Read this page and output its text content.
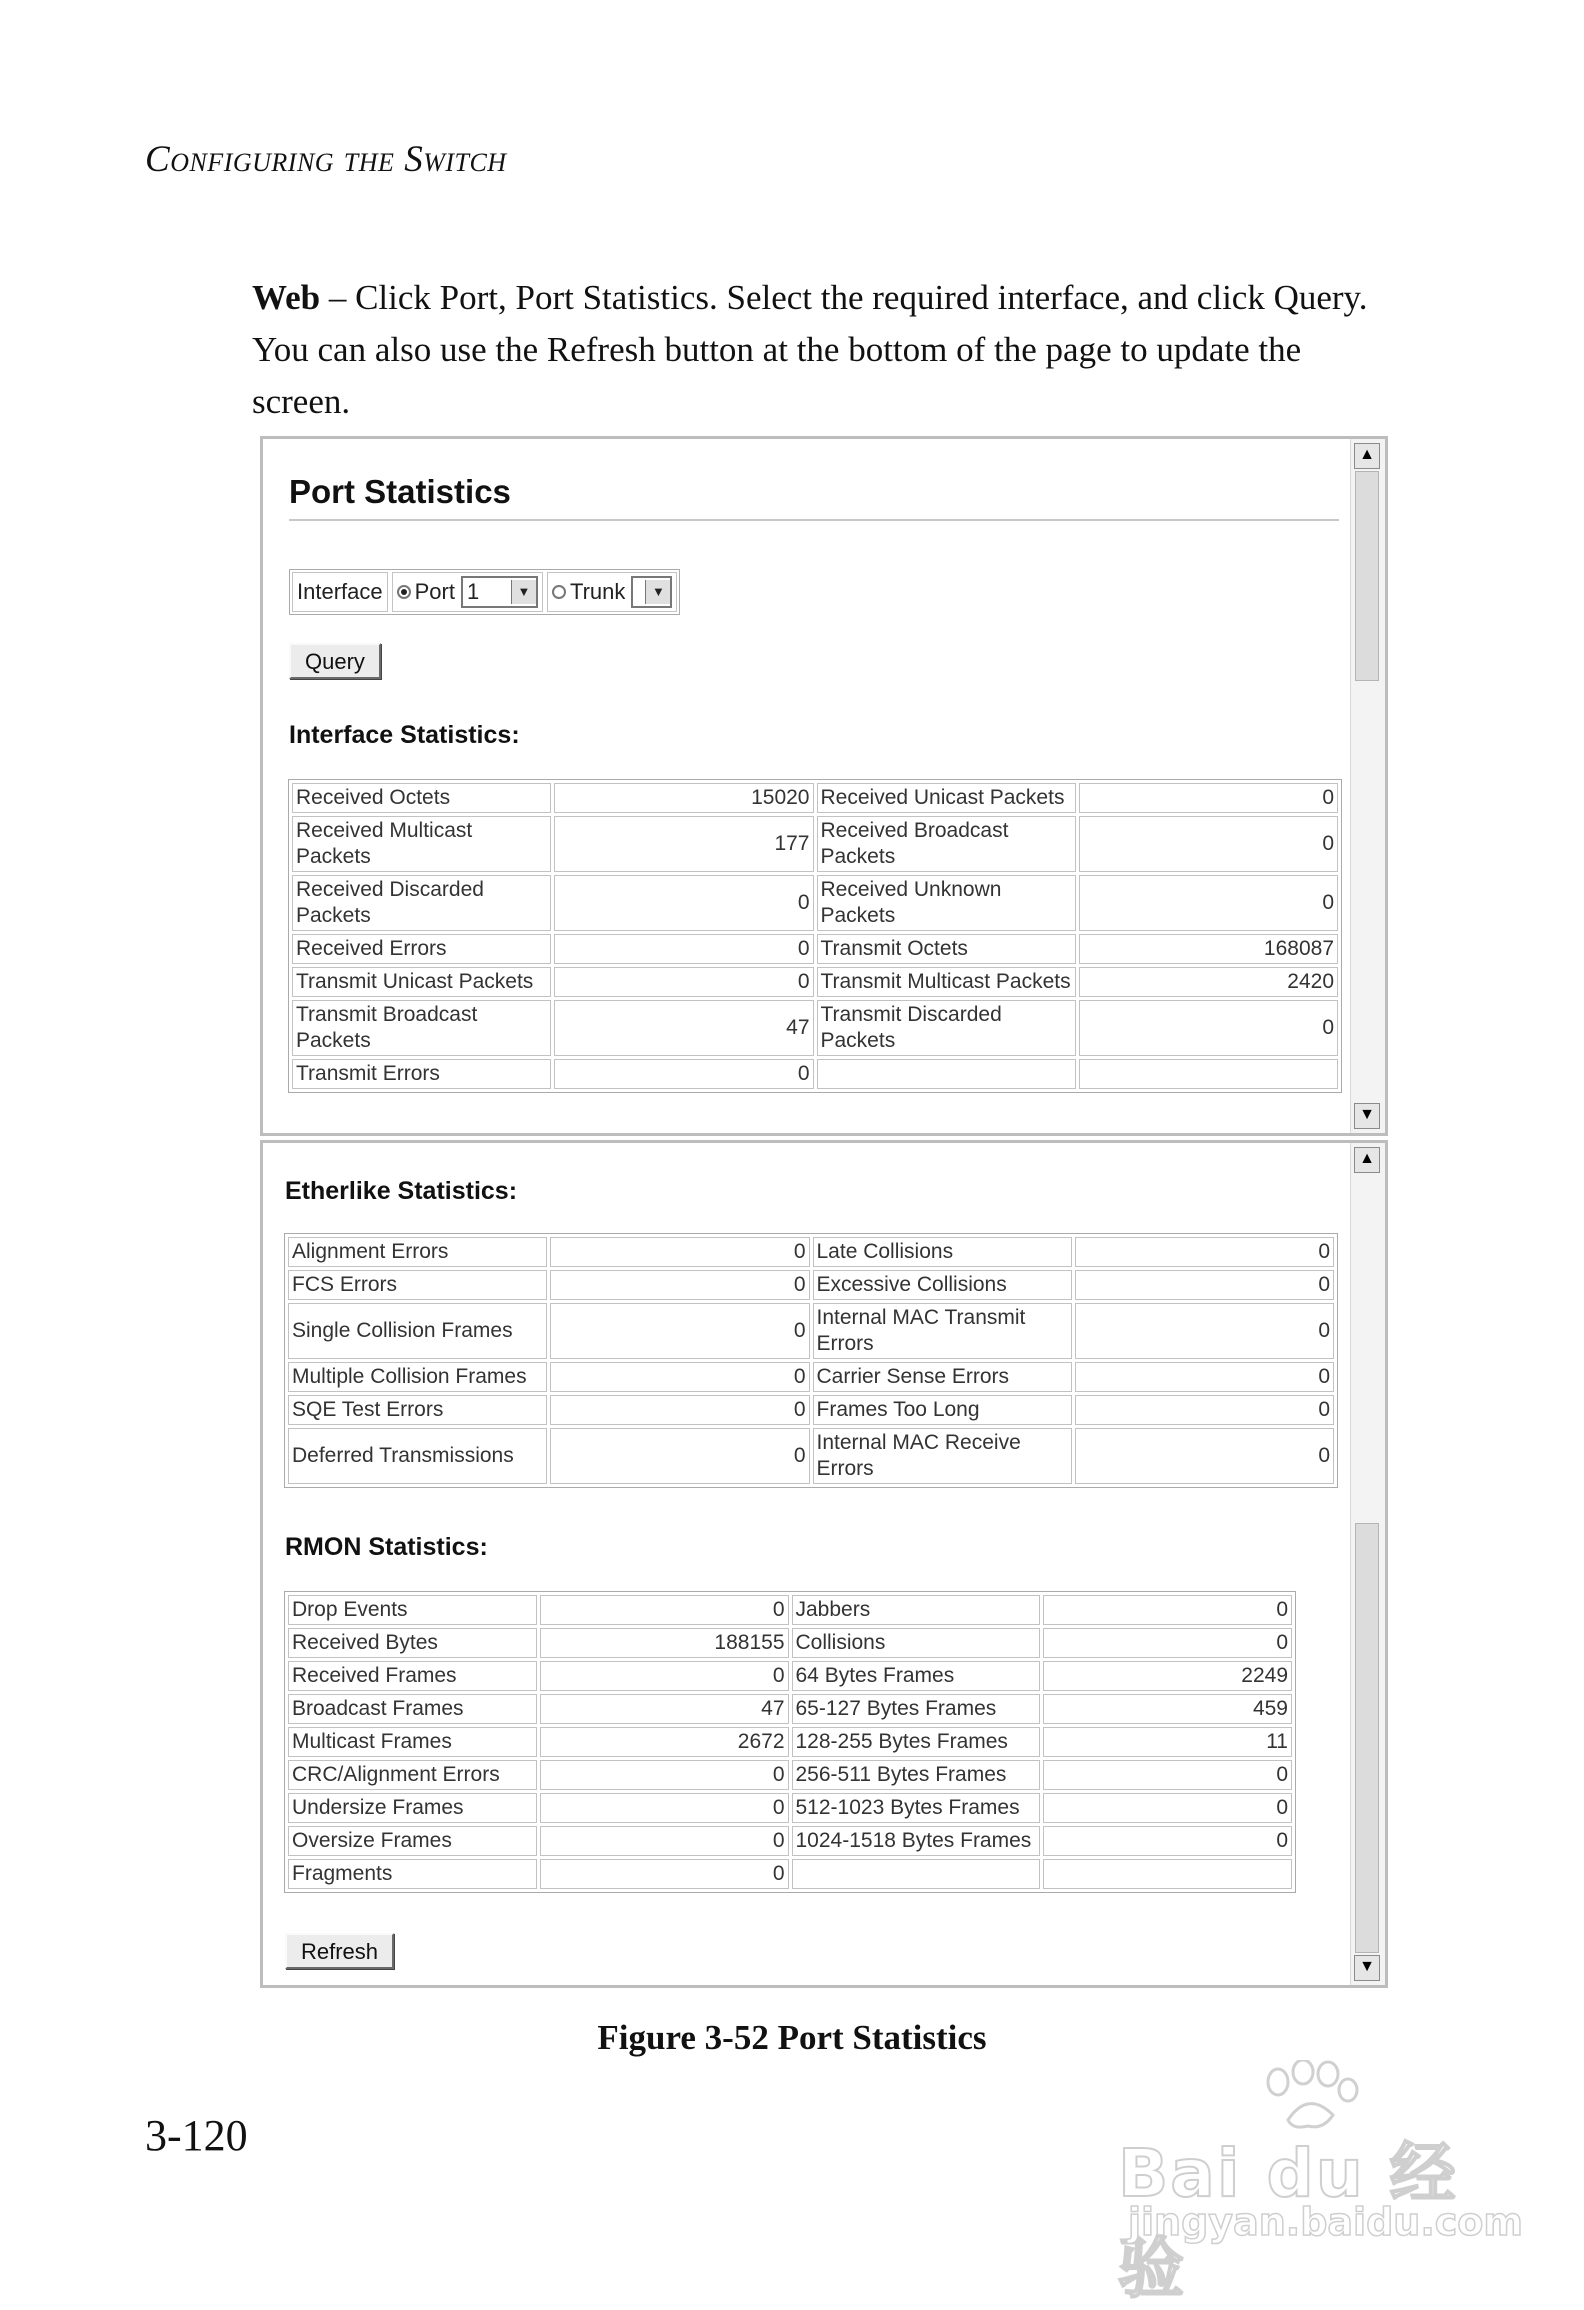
Configuring the Switch
Web – Click Port, Port Statistics. Select the required interface, and click Query. You can also use the Refresh button at the bottom of the page to update the screen.
Port Statistics
Interface Port 1	▼ Trunk	▼
Query
Interface Statistics:
Received Octets	15020	Received Unicast Packets	0
Received Multicast Packets	177	Received Broadcast Packets	0
Received Discarded Packets	0	Received Unknown Packets	0
Received Errors	0	Transmit Octets	168087
Transmit Unicast Packets	0	Transmit Multicast Packets	2420
Transmit Broadcast Packets	47	Transmit Discarded Packets	0
Transmit Errors	0		
▲
▼
Etherlike Statistics:
Alignment Errors	0	Late Collisions	0
FCS Errors	0	Excessive Collisions	0
Single Collision Frames	0	Internal MAC Transmit Errors	0
Multiple Collision Frames	0	Carrier Sense Errors	0
SQE Test Errors	0	Frames Too Long	0
Deferred Transmissions	0	Internal MAC Receive Errors	0
RMON Statistics:
Drop Events	0	Jabbers	0
Received Bytes	188155	Collisions	0
Received Frames	0	64 Bytes Frames	2249
Broadcast Frames	47	65-127 Bytes Frames	459
Multicast Frames	2672	128-255 Bytes Frames	11
CRC/Alignment Errors	0	256-511 Bytes Frames	0
Undersize Frames	0	512-1023 Bytes Frames	0
Oversize Frames	0	1024-1518 Bytes Frames	0
Fragments	0		
Refresh
▲
▼
Figure 3-52 Port Statistics
3-120	Bai du 经验
jingyan.baidu.com
